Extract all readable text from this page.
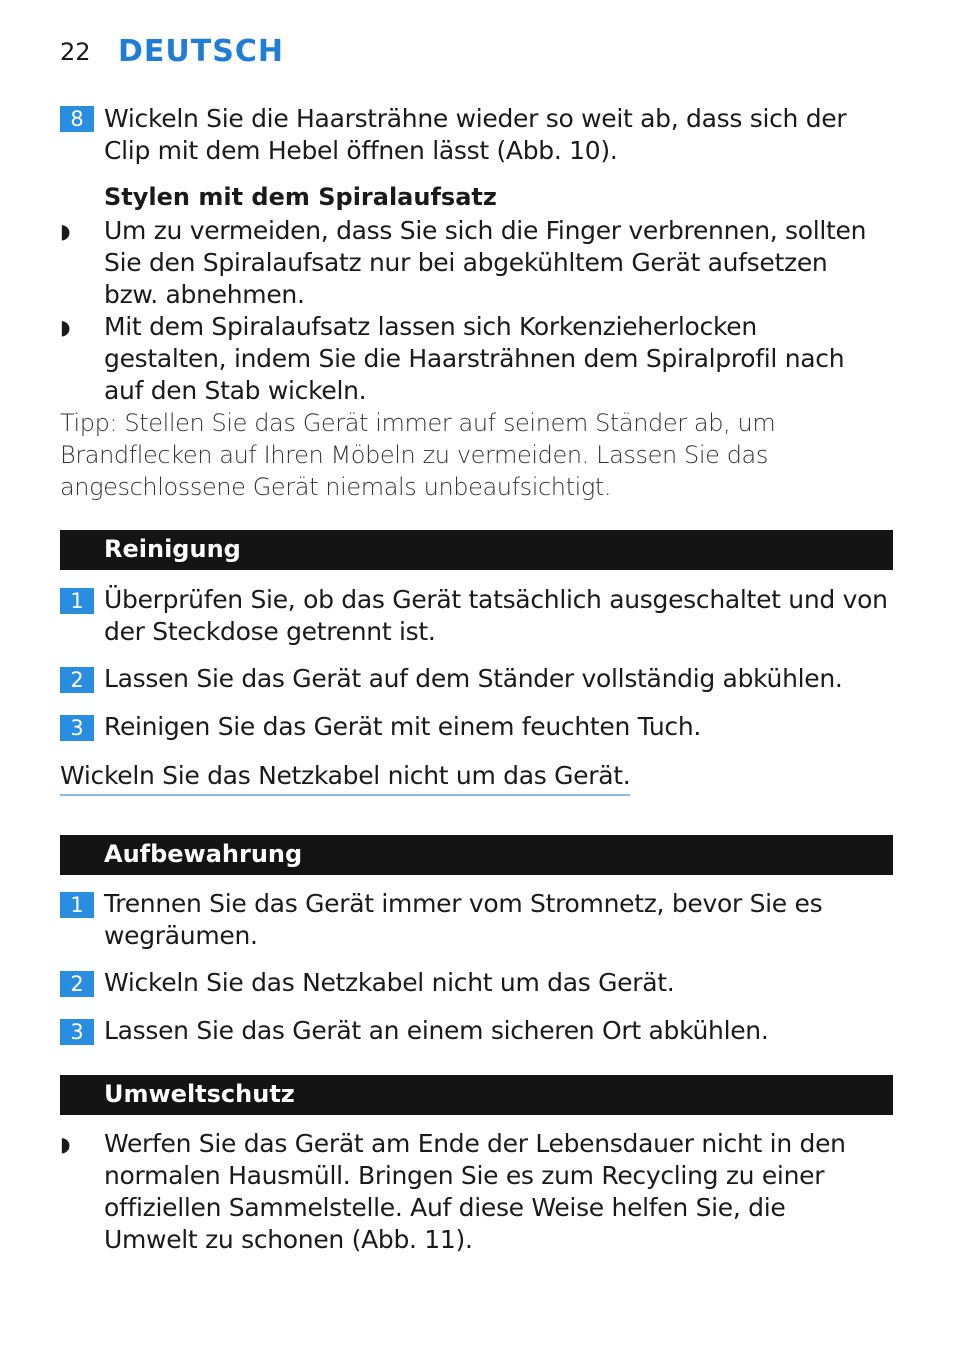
22 DEUTSCH
8 Wickeln Sie die Haarsträhne wieder so weit ab, dass sich der Clip mit dem Hebel öffnen lässt (Abb. 10).
Stylen mit dem Spiralaufsatz
◗ Um zu vermeiden, dass Sie sich die Finger verbrennen, sollten Sie den Spiralaufsatz nur bei abgekühltem Gerät aufsetzen bzw. abnehmen.
◗ Mit dem Spiralaufsatz lassen sich Korkenzieherlocken gestalten, indem Sie die Haarsträhnen dem Spiralprofil nach auf den Stab wickeln.
Tipp: Stellen Sie das Gerät immer auf seinem Ständer ab, um Brandflecken auf Ihren Möbeln zu vermeiden. Lassen Sie das angeschlossene Gerät niemals unbeaufsichtigt.
Reinigung
1 Überprüfen Sie, ob das Gerät tatsächlich ausgeschaltet und von der Steckdose getrennt ist.
2 Lassen Sie das Gerät auf dem Ständer vollständig abkühlen.
3 Reinigen Sie das Gerät mit einem feuchten Tuch.
Wickeln Sie das Netzkabel nicht um das Gerät.
Aufbewahrung
1 Trennen Sie das Gerät immer vom Stromnetz, bevor Sie es wegräumen.
2 Wickeln Sie das Netzkabel nicht um das Gerät.
3 Lassen Sie das Gerät an einem sicheren Ort abkühlen.
Umweltschutz
◗ Werfen Sie das Gerät am Ende der Lebensdauer nicht in den normalen Hausmüll. Bringen Sie es zum Recycling zu einer offiziellen Sammelstelle. Auf diese Weise helfen Sie, die Umwelt zu schonen (Abb. 11).
